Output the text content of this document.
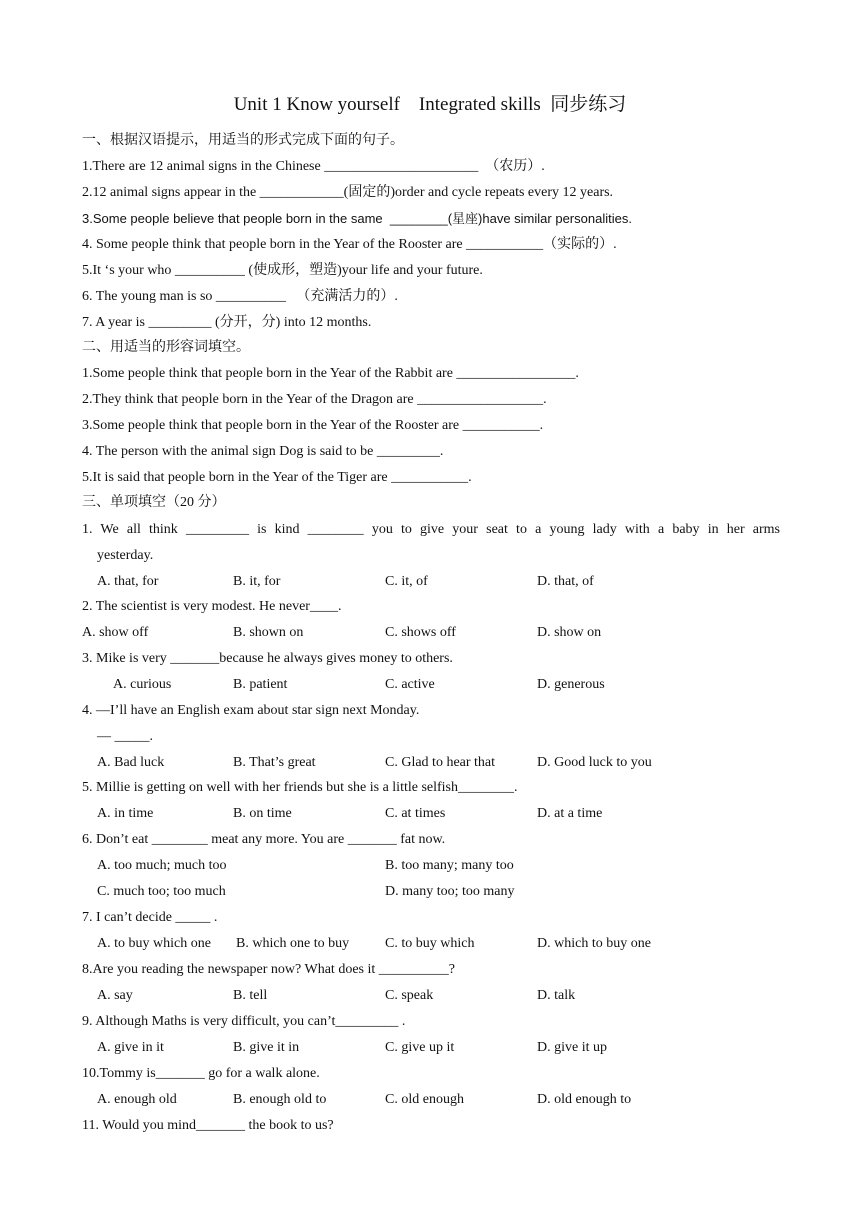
Unit 1 Know yourself    Integrated skills  同步练习
一、根据汉语提示，用适当的形式完成下面的句子。
1.There are 12 animal signs in the Chinese ______________________  （农历）.
2.12 animal signs appear in the ____________(固定的)order and cycle repeats every 12 years.
3.Some people believe that people born in the same  ________(星座)have similar personalities.
4. Some people think that people born in the Year of the Rooster are ___________（实际的）.
5.It ‘s your who __________ (使成形，塑造)your life and your future.
6. The young man is so __________   （充满活力的）.
7. A year is _________ (分开，分) into 12 months.
二、用适当的形容词填空。
1.Some people think that people born in the Year of the Rabbit are _________________.
2.They think that people born in the Year of the Dragon are __________________.
3.Some people think that people born in the Year of the Rooster are ___________.
4. The person with the animal sign Dog is said to be _________.
5.It is said that people born in the Year of the Tiger are ___________.
三、单项填空（20 分）
1. We all think _________ is kind ________ you to give your seat to a young lady with a baby in her arms
yesterday.
A. that, for	B. it, for	C. it, of	D. that, of
2. The scientist is very modest. He never____.
A. show off	B. shown on	C. shows off	D. show on
3. Mike is very _______because he always gives money to others.
A. curious	B. patient	C. active	D. generous
4. —I’ll have an English exam about star sign next Monday.
— _____.
A. Bad luck	B. That’s great	C. Glad to hear that	D. Good luck to you
5. Millie is getting on well with her friends but she is a little selfish________.
A. in time	B. on time	C. at times	D. at a time
6. Don’t eat ________ meat any more. You are _______ fat now.
A. too much; much too	B. too many; many too
C. much too; too much	D. many too; too many
7. I can’t decide _____ .
A. to buy which one B. which one to buy	C. to buy which	D. which to buy one
8.Are you reading the newspaper now? What does it __________?
A. say	B. tell	C. speak	D. talk
9. Although Maths is very difficult, you can’t_________ .
A. give in it	B. give it in	C. give up it	D. give it up
10.Tommy is_______ go for a walk alone.
A. enough old	B. enough old to	C. old enough	D. old enough to
11. Would you mind_______ the book to us?
